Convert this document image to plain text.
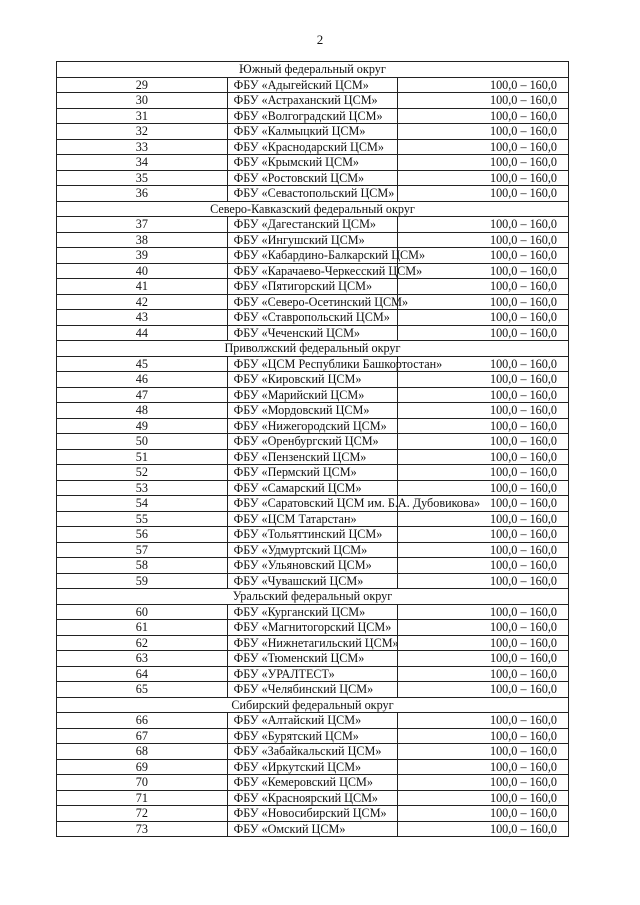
2
Южный федеральный округ		
29	ФБУ «Адыгейский ЦСМ»	100,0 – 160,0
30	ФБУ «Астраханский ЦСМ»	100,0 – 160,0
31	ФБУ «Волгоградский ЦСМ»	100,0 – 160,0
32	ФБУ «Калмыцкий ЦСМ»	100,0 – 160,0
33	ФБУ «Краснодарский ЦСМ»	100,0 – 160,0
34	ФБУ «Крымский ЦСМ»	100,0 – 160,0
35	ФБУ «Ростовский ЦСМ»	100,0 – 160,0
36	ФБУ «Севастопольский ЦСМ»	100,0 – 160,0
Северо-Кавказский федеральный округ		
37	ФБУ «Дагестанский ЦСМ»	100,0 – 160,0
38	ФБУ «Ингушский ЦСМ»	100,0 – 160,0
39	ФБУ «Кабардино-Балкарский ЦСМ»	100,0 – 160,0
40	ФБУ «Карачаево-Черкесский ЦСМ»	100,0 – 160,0
41	ФБУ «Пятигорский ЦСМ»	100,0 – 160,0
42	ФБУ «Северо-Осетинский ЦСМ»	100,0 – 160,0
43	ФБУ «Ставропольский ЦСМ»	100,0 – 160,0
44	ФБУ «Чеченский ЦСМ»	100,0 – 160,0
Приволжский федеральный округ		
45	ФБУ «ЦСМ Республики Башкортостан»	100,0 – 160,0
46	ФБУ «Кировский ЦСМ»	100,0 – 160,0
47	ФБУ «Марийский ЦСМ»	100,0 – 160,0
48	ФБУ «Мордовский ЦСМ»	100,0 – 160,0
49	ФБУ «Нижегородский ЦСМ»	100,0 – 160,0
50	ФБУ «Оренбургский ЦСМ»	100,0 – 160,0
51	ФБУ «Пензенский ЦСМ»	100,0 – 160,0
52	ФБУ «Пермский ЦСМ»	100,0 – 160,0
53	ФБУ «Самарский ЦСМ»	100,0 – 160,0
54	ФБУ «Саратовский ЦСМ им. Б.А. Дубовикова»	100,0 – 160,0
55	ФБУ «ЦСМ Татарстан»	100,0 – 160,0
56	ФБУ «Тольяттинский ЦСМ»	100,0 – 160,0
57	ФБУ «Удмуртский ЦСМ»	100,0 – 160,0
58	ФБУ «Ульяновский ЦСМ»	100,0 – 160,0
59	ФБУ «Чувашский ЦСМ»	100,0 – 160,0
Уральский федеральный округ		
60	ФБУ «Курганский ЦСМ»	100,0 – 160,0
61	ФБУ «Магнитогорский ЦСМ»	100,0 – 160,0
62	ФБУ «Нижнетагильский ЦСМ»	100,0 – 160,0
63	ФБУ «Тюменский ЦСМ»	100,0 – 160,0
64	ФБУ «УРАЛТЕСТ»	100,0 – 160,0
65	ФБУ «Челябинский ЦСМ»	100,0 – 160,0
Сибирский федеральный округ		
66	ФБУ «Алтайский ЦСМ»	100,0 – 160,0
67	ФБУ «Бурятский ЦСМ»	100,0 – 160,0
68	ФБУ «Забайкальский ЦСМ»	100,0 – 160,0
69	ФБУ «Иркутский ЦСМ»	100,0 – 160,0
70	ФБУ «Кемеровский ЦСМ»	100,0 – 160,0
71	ФБУ «Красноярский ЦСМ»	100,0 – 160,0
72	ФБУ «Новосибирский ЦСМ»	100,0 – 160,0
73	ФБУ «Омский ЦСМ»	100,0 – 160,0
